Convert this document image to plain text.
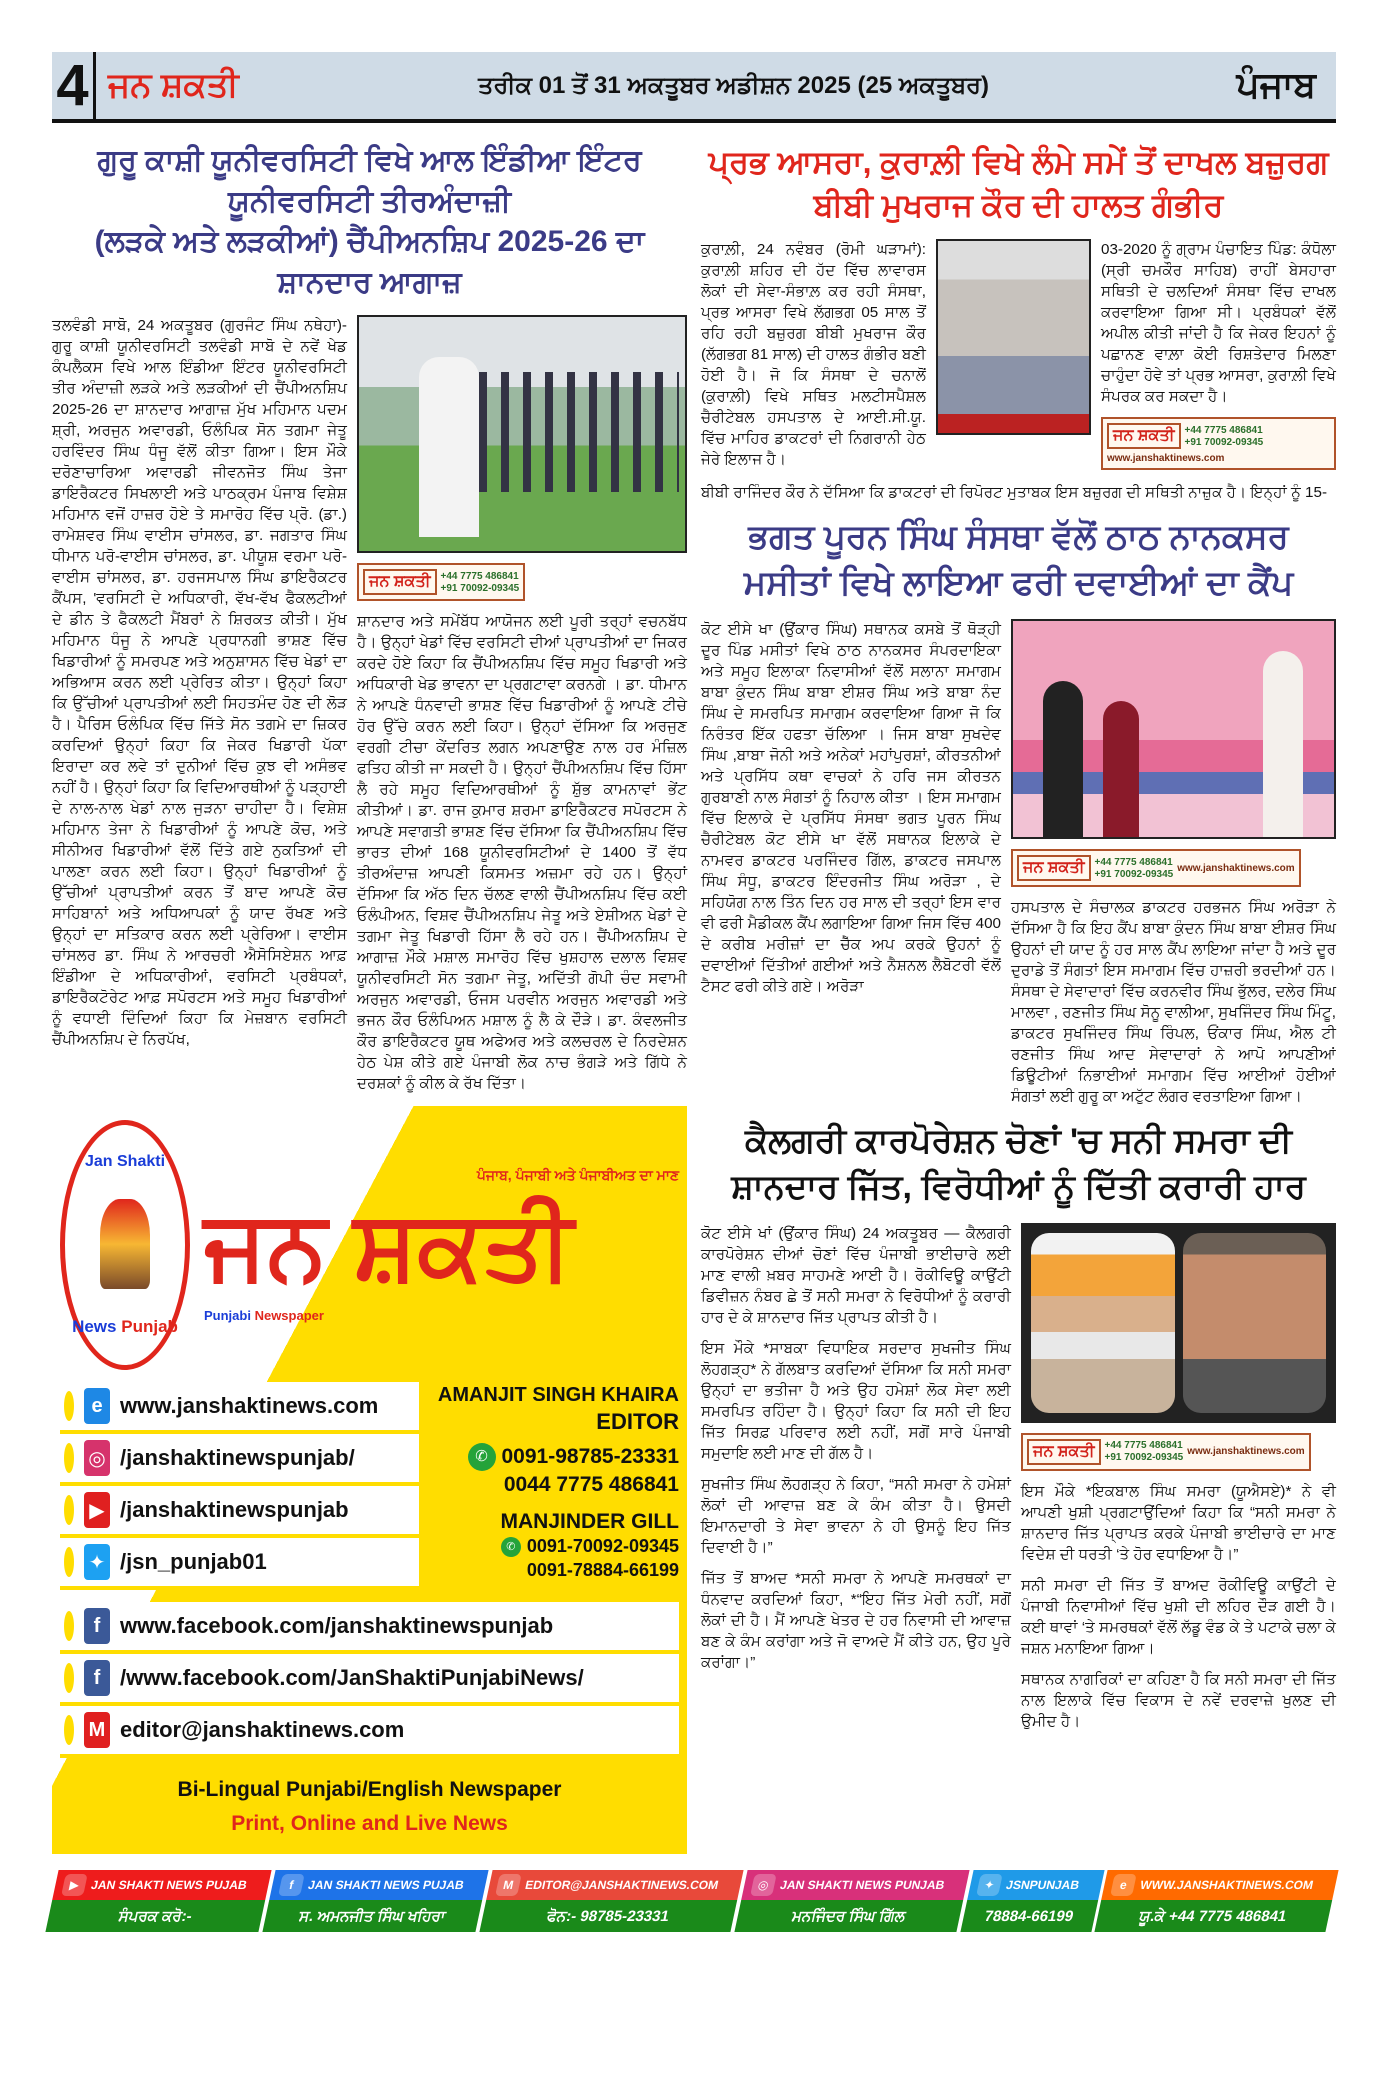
4 ਜਨ ਸ਼ਕਤੀ	ਤਰੀਕ 01 ਤੋਂ 31 ਅਕਤੂਬਰ ਅਡੀਸ਼ਨ 2025 (25 ਅਕਤੂਬਰ)	ਪੰਜਾਬ
ਗੁਰੂ ਕਾਸ਼ੀ ਯੂਨੀਵਰਸਿਟੀ ਵਿਖੇ ਆਲ ਇੰਡੀਆ ਇੰਟਰ ਯੂਨੀਵਰਸਿਟੀ ਤੀਰਅੰਦਾਜ਼ੀ
(ਲੜਕੇ ਅਤੇ ਲੜਕੀਆਂ) ਚੈਂਪੀਅਨਸ਼ਿਪ 2025-26 ਦਾ ਸ਼ਾਨਦਾਰ ਆਗਾਜ਼
ਤਲਵੰਡੀ ਸਾਬੋ, 24 ਅਕਤੂਬਰ (ਗੁਰਜੰਟ ਸਿੰਘ ਨਥੇਹਾ)- ਗੁਰੂ ਕਾਸ਼ੀ ਯੂਨੀਵਰਸਿਟੀ ਤਲਵੰਡੀ ਸਾਬੋ ਦੇ ਨਵੇਂ ਖੇਡ ਕੰਪਲੈਕਸ ਵਿਖੇ ਆਲ ਇੰਡੀਆ ਇੰਟਰ ਯੂਨੀਵਰਸਿਟੀ ਤੀਰ ਅੰਦਾਜ਼ੀ ਲੜਕੇ ਅਤੇ ਲੜਕੀਆਂ ਦੀ ਚੈਂਪੀਅਨਸ਼ਿਪ 2025-26 ਦਾ ਸ਼ਾਨਦਾਰ ਆਗਾਜ਼ ਮੁੱਖ ਮਹਿਮਾਨ ਪਦਮ ਸ਼੍ਰੀ, ਅਰਜੁਨ ਅਵਾਰਡੀ, ਓਲੰਪਿਕ ਸੋਨ ਤਗਮਾ ਜੇਤੂ ਹਰਵਿੰਦਰ ਸਿੰਘ ਧੰਜੂ ਵੱਲੋਂ ਕੀਤਾ ਗਿਆ। ਇਸ ਮੌਕੇ ਦਰੋਣਾਚਾਰਿਆ ਅਵਾਰਡੀ ਜੀਵਨਜੋਤ ਸਿੰਘ ਤੇਜਾ ਡਾਇਰੈਕਟਰ ਸਿਖਲਾਈ ਅਤੇ ਪਾਠਕ੍ਰਮ ਪੰਜਾਬ ਵਿਸ਼ੇਸ਼ ਮਹਿਮਾਨ ਵਜੋਂ ਹਾਜ਼ਰ ਹੋਏ ਤੇ ਸਮਾਰੋਹ ਵਿੱਚ ਪ੍ਰੋ. (ਡਾ.) ਰਾਮੇਸ਼ਵਰ ਸਿੰਘ ਵਾਈਸ ਚਾਂਸਲਰ, ਡਾ. ਜਗਤਾਰ ਸਿੰਘ ਧੀਮਾਨ ਪਰੋ-ਵਾਈਸ ਚਾਂਸਲਰ, ਡਾ. ਪੀਯੂਸ਼ ਵਰਮਾ ਪਰੋ-ਵਾਈਸ ਚਾਂਸਲਰ, ਡਾ. ਹਰਜਸਪਾਲ ਸਿੰਘ ਡਾਇਰੈਕਟਰ ਕੈਂਪਸ, 'ਵਰਸਿਟੀ ਦੇ ਅਧਿਕਾਰੀ, ਵੱਖ-ਵੱਖ ਫੈਕਲਟੀਆਂ ਦੇ ਡੀਨ ਤੇ ਫੈਕਲਟੀ ਮੈਂਬਰਾਂ ਨੇ ਸ਼ਿਰਕਤ ਕੀਤੀ। ਮੁੱਖ ਮਹਿਮਾਨ ਧੰਜੂ ਨੇ ਆਪਣੇ ਪ੍ਰਧਾਨਗੀ ਭਾਸ਼ਣ ਵਿੱਚ ਖਿਡਾਰੀਆਂ ਨੂੰ ਸਮਰਪਣ ਅਤੇ ਅਨੁਸ਼ਾਸਨ ਵਿੱਚ ਖੇਡਾਂ ਦਾ ਅਭਿਆਸ ਕਰਨ ਲਈ ਪ੍ਰੇਰਿਤ ਕੀਤਾ। ਉਨ੍ਹਾਂ ਕਿਹਾ ਕਿ ਉੱਚੀਆਂ ਪ੍ਰਾਪਤੀਆਂ ਲਈ ਸਿਹਤਮੰਦ ਹੋਣ ਦੀ ਲੋੜ ਹੈ। ਪੈਰਿਸ ਓਲੰਪਿਕ ਵਿੱਚ ਜਿੱਤੇ ਸੋਨ ਤਗਮੇ ਦਾ ਜ਼ਿਕਰ ਕਰਦਿਆਂ ਉਨ੍ਹਾਂ ਕਿਹਾ ਕਿ ਜੇਕਰ ਖਿਡਾਰੀ ਪੱਕਾ ਇਰਾਦਾ ਕਰ ਲਵੇ ਤਾਂ ਦੁਨੀਆਂ ਵਿੱਚ ਕੁਝ ਵੀ ਅਸੰਭਵ ਨਹੀਂ ਹੈ। ਉਨ੍ਹਾਂ ਕਿਹਾ ਕਿ ਵਿਦਿਆਰਥੀਆਂ ਨੂੰ ਪੜ੍ਹਾਈ ਦੇ ਨਾਲ-ਨਾਲ ਖੇਡਾਂ ਨਾਲ ਜੁੜਨਾ ਚਾਹੀਦਾ ਹੈ। ਵਿਸ਼ੇਸ਼ ਮਹਿਮਾਨ ਤੇਜਾ ਨੇ ਖਿਡਾਰੀਆਂ ਨੂੰ ਆਪਣੇ ਕੋਚ, ਅਤੇ ਸੀਨੀਅਰ ਖਿਡਾਰੀਆਂ ਵੱਲੋਂ ਦਿੱਤੇ ਗਏ ਨੁਕਤਿਆਂ ਦੀ ਪਾਲਣਾ ਕਰਨ ਲਈ ਕਿਹਾ। ਉਨ੍ਹਾਂ ਖਿਡਾਰੀਆਂ ਨੂੰ ਉੱਚੀਆਂ ਪ੍ਰਾਪਤੀਆਂ ਕਰਨ ਤੋਂ ਬਾਦ ਆਪਣੇ ਕੋਚ ਸਾਹਿਬਾਨਾਂ ਅਤੇ ਅਧਿਆਪਕਾਂ ਨੂੰ ਯਾਦ ਰੱਖਣ ਅਤੇ ਉਨ੍ਹਾਂ ਦਾ ਸਤਿਕਾਰ ਕਰਨ ਲਈ ਪ੍ਰੇਰਿਆ। ਵਾਈਸ ਚਾਂਸਲਰ ਡਾ. ਸਿੰਘ ਨੇ ਆਰਚਰੀ ਐਸੋਸਿਏਸ਼ਨ ਆਫ਼ ਇੰਡੀਆ ਦੇ ਅਧਿਕਾਰੀਆਂ, ਵਰਸਿਟੀ ਪ੍ਰਬੰਧਕਾਂ, ਡਾਇਰੈਕਟੋਰੇਟ ਆਫ਼ ਸਪੋਰਟਸ ਅਤੇ ਸਮੂਹ ਖਿਡਾਰੀਆਂ ਨੂੰ ਵਧਾਈ ਦਿੰਦਿਆਂ ਕਿਹਾ ਕਿ ਮੇਜ਼ਬਾਨ ਵਰਸਿਟੀ ਚੈਂਪੀਅਨਸ਼ਿਪ ਦੇ ਨਿਰਪੱਖ,
ਜਨ ਸ਼ਕਤੀ	+44 7775 486841
+91 70092-09345
ਸ਼ਾਨਦਾਰ ਅਤੇ ਸਮੇਂਬੱਧ ਆਯੋਜਨ ਲਈ ਪੂਰੀ ਤਰ੍ਹਾਂ ਵਚਨਬੱਧ ਹੈ। ਉਨ੍ਹਾਂ ਖੇਡਾਂ ਵਿੱਚ ਵਰਸਿਟੀ ਦੀਆਂ ਪ੍ਰਾਪਤੀਆਂ ਦਾ ਜਿਕਰ ਕਰਦੇ ਹੋਏ ਕਿਹਾ ਕਿ ਚੈਂਪੀਅਨਸ਼ਿਪ ਵਿੱਚ ਸਮੂਹ ਖਿਡਾਰੀ ਅਤੇ ਅਧਿਕਾਰੀ ਖੇਡ ਭਾਵਨਾ ਦਾ ਪ੍ਰਗਟਾਵਾ ਕਰਨਗੇ । ਡਾ. ਧੀਮਾਨ ਨੇ ਆਪਣੇ ਧੰਨਵਾਦੀ ਭਾਸ਼ਣ ਵਿੱਚ ਖਿਡਾਰੀਆਂ ਨੂੰ ਆਪਣੇ ਟੀਚੇ ਹੋਰ ਉੱਚੇ ਕਰਨ ਲਈ ਕਿਹਾ। ਉਨ੍ਹਾਂ ਦੱਸਿਆ ਕਿ ਅਰਜੁਣ ਵਰਗੀ ਟੀਚਾ ਕੇਂਦਰਿਤ ਲਗਨ ਅਪਣਾਉਣ ਨਾਲ ਹਰ ਮੰਜ਼ਿਲ ਫਤਿਹ ਕੀਤੀ ਜਾ ਸਕਦੀ ਹੈ। ਉਨ੍ਹਾਂ ਚੈਂਪੀਅਨਸ਼ਿਪ ਵਿੱਚ ਹਿੱਸਾ ਲੈ ਰਹੇ ਸਮੂਹ ਵਿਦਿਆਰਥੀਆਂ ਨੂੰ ਸ਼ੁੱਭ ਕਾਮਨਾਵਾਂ ਭੇਂਟ ਕੀਤੀਆਂ। ਡਾ. ਰਾਜ ਕੁਮਾਰ ਸ਼ਰਮਾ ਡਾਇਰੈਕਟਰ ਸਪੋਰਟਸ ਨੇ ਆਪਣੇ ਸਵਾਗਤੀ ਭਾਸ਼ਣ ਵਿੱਚ ਦੱਸਿਆ ਕਿ ਚੈਂਪੀਅਨਸ਼ਿਪ ਵਿੱਚ ਭਾਰਤ ਦੀਆਂ 168 ਯੂਨੀਵਰਸਿਟੀਆਂ ਦੇ 1400 ਤੋਂ ਵੱਧ ਤੀਰਅੰਦਾਜ਼ ਆਪਣੀ ਕਿਸਮਤ ਅਜ਼ਮਾ ਰਹੇ ਹਨ। ਉਨ੍ਹਾਂ ਦੱਸਿਆ ਕਿ ਅੱਠ ਦਿਨ ਚੱਲਣ ਵਾਲੀ ਚੈਂਪੀਅਨਸ਼ਿਪ ਵਿੱਚ ਕਈ ਓਲੰਪੀਅਨ, ਵਿਸ਼ਵ ਚੈਂਪੀਅਨਸ਼ਿਪ ਜੇਤੂ ਅਤੇ ਏਸ਼ੀਅਨ ਖੇਡਾਂ ਦੇ ਤਗਮਾ ਜੇਤੂ ਖਿਡਾਰੀ ਹਿੱਸਾ ਲੈ ਰਹੇ ਹਨ। ਚੈਂਪੀਅਨਸ਼ਿਪ ਦੇ ਆਗਾਜ਼ ਮੌਕੇ ਮਸ਼ਾਲ ਸਮਾਰੋਹ ਵਿੱਚ ਖੁਸ਼ਹਾਲ ਦਲਾਲ ਵਿਸ਼ਵ ਯੂਨੀਵਰਸਿਟੀ ਸੋਨ ਤਗਮਾ ਜੇਤੂ, ਅਦਿੱਤੀ ਗੋਪੀ ਚੰਦ ਸਵਾਮੀ ਅਰਜੁਨ ਅਵਾਰਡੀ, ਓਜਸ ਪਰਵੀਨ ਅਰਜੁਨ ਅਵਾਰਡੀ ਅਤੇ ਭਜਨ ਕੌਰ ਓਲੰਪਿਅਨ ਮਸ਼ਾਲ ਨੂੰ ਲੈ ਕੇ ਦੌੜੇ। ਡਾ. ਕੰਵਲਜੀਤ ਕੌਰ ਡਾਇਰੈਕਟਰ ਯੂਥ ਅਫੇਅਰ ਅਤੇ ਕਲਚਰਲ ਦੇ ਨਿਰਦੇਸ਼ਨ ਹੇਠ ਪੇਸ਼ ਕੀਤੇ ਗਏ ਪੰਜਾਬੀ ਲੋਕ ਨਾਚ ਭੰਗੜੇ ਅਤੇ ਗਿੱਧੇ ਨੇ ਦਰਸ਼ਕਾਂ ਨੂੰ ਕੀਲ ਕੇ ਰੱਖ ਦਿੱਤਾ।
Jan Shakti
News Punjab
ਪੰਜਾਬ, ਪੰਜਾਬੀ ਅਤੇ ਪੰਜਾਬੀਅਤ ਦਾ ਮਾਣ
ਜਨ ਸ਼ਕਤੀ
Punjabi Newspaper
e www.janshaktinews.com
◎ /janshaktinewspunjab/
▶ /janshaktinewspunjab
✦ /jsn_punjab01
AMANJIT SINGH KHAIRA
EDITOR
✆ 0091-98785-23331
0044 7775 486841
MANJINDER GILL
✆ 0091-70092-09345
0091-78884-66199
f www.facebook.com/janshaktinewspunjab
f /www.facebook.com/JanShaktiPunjabiNews/
M editor@janshaktinews.com
Bi-Lingual Punjabi/English Newspaper
Print, Online and Live News
ਪ੍ਰਭ ਆਸਰਾ, ਕੁਰਾਲ਼ੀ ਵਿਖੇ ਲੰਮੇ ਸਮੇਂ ਤੋਂ ਦਾਖਲ ਬਜ਼ੁਰਗ
ਬੀਬੀ ਮੁਖਰਾਜ ਕੌਰ ਦੀ ਹਾਲਤ ਗੰਭੀਰ
ਕੁਰਾਲ਼ੀ, 24 ਨਵੰਬਰ (ਰੋਮੀ ਘੜਾਮਾਂ): ਕੁਰਾਲ਼ੀ ਸ਼ਹਿਰ ਦੀ ਹੱਦ ਵਿੱਚ ਲਾਵਾਰਸ ਲੋਕਾਂ ਦੀ ਸੇਵਾ-ਸੰਭਾਲ਼ ਕਰ ਰਹੀ ਸੰਸਥਾ, ਪ੍ਰਭ ਆਸਰਾ ਵਿਖੇ ਲੱਗਭਗ 05 ਸਾਲ ਤੋਂ ਰਹਿ ਰਹੀ ਬਜ਼ੁਰਗ ਬੀਬੀ ਮੁਖਰਾਜ ਕੌਰ (ਲੱਗਭਗ 81 ਸਾਲ) ਦੀ ਹਾਲਤ ਗੰਭੀਰ ਬਣੀ ਹੋਈ ਹੈ। ਜੋ ਕਿ ਸੰਸਥਾ ਦੇ ਚਨਾਲੋਂ (ਕੁਰਾਲ਼ੀ) ਵਿਖੇ ਸਥਿਤ ਮਲਟੀਸਪੈਸ਼ਲ ਚੈਰੀਟੇਬਲ ਹਸਪਤਾਲ ਦੇ ਆਈ.ਸੀ.ਯੂ. ਵਿੱਚ ਮਾਹਿਰ ਡਾਕਟਰਾਂ ਦੀ ਨਿਗਰਾਨੀ ਹੇਠ ਜੇਰੇ ਇਲਾਜ ਹੈ।
03-2020 ਨੂੰ ਗ੍ਰਾਮ ਪੰਚਾਇਤ ਪਿੰਡ: ਕੰਧੋਲਾ (ਸ੍ਰੀ ਚਮਕੌਰ ਸਾਹਿਬ) ਰਾਹੀਂ ਬੇਸਹਾਰਾ ਸਥਿਤੀ ਦੇ ਚਲਦਿਆਂ ਸੰਸਥਾ ਵਿੱਚ ਦਾਖਲ ਕਰਵਾਇਆ ਗਿਆ ਸੀ। ਪ੍ਰਬੰਧਕਾਂ ਵੱਲੋਂ ਅਪੀਲ ਕੀਤੀ ਜਾਂਦੀ ਹੈ ਕਿ ਜੇਕਰ ਇਹਨਾਂ ਨੂੰ ਪਛਾਨਣ ਵਾਲ਼ਾ ਕੋਈ ਰਿਸ਼ਤੇਦਾਰ ਮਿਲਣਾ ਚਾਹੁੰਦਾ ਹੋਵੇ ਤਾਂ ਪ੍ਰਭ ਆਸਰਾ, ਕੁਰਾਲ਼ੀ ਵਿਖੇ ਸੰਪਰਕ ਕਰ ਸਕਦਾ ਹੈ।
ਜਨ ਸ਼ਕਤੀ	+44 7775 486841
+91 70092-09345
www.janshaktinews.com
ਬੀਬੀ ਰਾਜਿੰਦਰ ਕੌਰ ਨੇ ਦੱਸਿਆ ਕਿ ਡਾਕਟਰਾਂ ਦੀ ਰਿਪੋਰਟ ਮੁਤਾਬਕ ਇਸ ਬਜ਼ੁਰਗ ਦੀ ਸਥਿਤੀ ਨਾਜ਼ੁਕ ਹੈ। ਇਨ੍ਹਾਂ ਨੂੰ 15-
ਭਗਤ ਪੂਰਨ ਸਿੰਘ ਸੰਸਥਾ ਵੱਲੋਂ ਠਾਠ ਨਾਨਕਸਰ
ਮਸੀਤਾਂ ਵਿਖੇ ਲਾਇਆ ਫਰੀ ਦਵਾਈਆਂ ਦਾ ਕੈਂਪ
ਕੋਟ ਈਸੇ ਖਾ (ਉਂਕਾਰ ਸਿੰਘ) ਸਥਾਨਕ ਕਸਬੇ ਤੋਂ ਥੋੜ੍ਹੀ ਦੂਰ ਪਿੰਡ ਮਸੀਤਾਂ ਵਿਖੇ ਠਾਠ ਨਾਨਕਸਰ ਸੰਪਰਦਾਇਕਾ ਅਤੇ ਸਮੂਹ ਇਲਾਕਾ ਨਿਵਾਸੀਆਂ ਵੱਲੋਂ ਸਲਾਨਾ ਸਮਾਗਮ ਬਾਬਾ ਕੁੰਦਨ ਸਿੰਘ ਬਾਬਾ ਈਸ਼ਰ ਸਿੰਘ ਅਤੇ ਬਾਬਾ ਨੰਦ ਸਿੰਘ ਦੇ ਸਮਰਪਿਤ ਸਮਾਗਮ ਕਰਵਾਇਆ ਗਿਆ ਜੋ ਕਿ ਨਿਰੰਤਰ ਇੱਕ ਹਫਤਾ ਚੱਲਿਆ । ਜਿਸ ਬਾਬਾ ਸੁਖਦੇਵ ਸਿੰਘ ,ਬਾਬਾ ਜੋਨੀ ਅਤੇ ਅਨੇਕਾਂ ਮਹਾਂਪੁਰਸ਼ਾਂ, ਕੀਰਤਨੀਆਂ ਅਤੇ ਪ੍ਰਸਿੱਧ ਕਥਾ ਵਾਚਕਾਂ ਨੇ ਹਰਿ ਜਸ ਕੀਰਤਨ ਗੁਰਬਾਣੀ ਨਾਲ ਸੰਗਤਾਂ ਨੂੰ ਨਿਹਾਲ ਕੀਤਾ । ਇਸ ਸਮਾਗਮ ਵਿੱਚ ਇਲਾਕੇ ਦੇ ਪ੍ਰਸਿੱਧ ਸੰਸਥਾ ਭਗਤ ਪੂਰਨ ਸਿੰਘ ਚੈਰੀਟੇਬਲ ਕੋਟ ਈਸੇ ਖਾ ਵੱਲੋਂ ਸਥਾਨਕ ਇਲਾਕੇ ਦੇ ਨਾਮਵਰ ਡਾਕਟਰ ਪਰਜਿੰਦਰ ਗਿੱਲ, ਡਾਕਟਰ ਜਸਪਾਲ ਸਿੰਘ ਸੰਧੂ, ਡਾਕਟਰ ਇੰਦਰਜੀਤ ਸਿੰਘ ਅਰੋੜਾ , ਦੇ ਸਹਿਯੋਗ ਨਾਲ ਤਿੰਨ ਦਿਨ ਹਰ ਸਾਲ ਦੀ ਤਰ੍ਹਾਂ ਇਸ ਵਾਰ ਵੀ ਫਰੀ ਮੈਡੀਕਲ ਕੈਂਪ ਲਗਾਇਆ ਗਿਆ ਜਿਸ ਵਿੱਚ 400 ਦੇ ਕਰੀਬ ਮਰੀਜ਼ਾਂ ਦਾ ਚੈੱਕ ਅਪ ਕਰਕੇ ਉਹਨਾਂ ਨੂੰ ਦਵਾਈਆਂ ਦਿੱਤੀਆਂ ਗਈਆਂ ਅਤੇ ਨੈਸ਼ਨਲ ਲੈਬੋਟਰੀ ਵੱਲੋਂ ਟੈਸਟ ਫਰੀ ਕੀਤੇ ਗਏ। ਅਰੋੜਾ
ਜਨ ਸ਼ਕਤੀ	+44 7775 486841
+91 70092-09345
www.janshaktinews.com
ਹਸਪਤਾਲ ਦੇ ਸੰਚਾਲਕ ਡਾਕਟਰ ਹਰਭਜਨ ਸਿੰਘ ਅਰੋੜਾ ਨੇ ਦੱਸਿਆ ਹੈ ਕਿ ਇਹ ਕੈਂਪ ਬਾਬਾ ਕੁੰਦਨ ਸਿੰਘ ਬਾਬਾ ਈਸ਼ਰ ਸਿੰਘ ਉਹਨਾਂ ਦੀ ਯਾਦ ਨੂੰ ਹਰ ਸਾਲ ਕੈਂਪ ਲਾਇਆ ਜਾਂਦਾ ਹੈ ਅਤੇ ਦੂਰ ਦੁਰਾਡੇ ਤੋਂ ਸੰਗਤਾਂ ਇਸ ਸਮਾਗਮ ਵਿੱਚ ਹਾਜ਼ਰੀ ਭਰਦੀਆਂ ਹਨ। ਸੰਸਥਾ ਦੇ ਸੇਵਾਦਾਰਾਂ ਵਿੱਚ ਕਰਨਵੀਰ ਸਿੰਘ ਭੁੱਲਰ, ਦਲੇਰ ਸਿੰਘ ਮਾਲਵਾ , ਰਣਜੀਤ ਸਿੰਘ ਸੋਨੂ ਵਾਲੀਆ, ਸੁਖਜਿੰਦਰ ਸਿੰਘ ਮਿੰਟੂ, ਡਾਕਟਰ ਸੁਖਜਿੰਦਰ ਸਿੰਘ ਰਿੰਪਲ, ਓਂਕਾਰ ਸਿੰਘ, ਐਲ ਟੀ ਰਣਜੀਤ ਸਿੰਘ ਆਦ ਸੇਵਾਦਾਰਾਂ ਨੇ ਆਪੋ ਆਪਣੀਆਂ ਡਿਊਟੀਆਂ ਨਿਭਾਈਆਂ ਸਮਾਗਮ ਵਿੱਚ ਆਈਆਂ ਹੋਈਆਂ ਸੰਗਤਾਂ ਲਈ ਗੁਰੂ ਕਾ ਅਟੁੱਟ ਲੰਗਰ ਵਰਤਾਇਆ ਗਿਆ।
ਕੈਲਗਰੀ ਕਾਰਪੋਰੇਸ਼ਨ ਚੋਣਾਂ 'ਚ ਸਨੀ ਸਮਰਾ ਦੀ
ਸ਼ਾਨਦਾਰ ਜਿੱਤ, ਵਿਰੋਧੀਆਂ ਨੂੰ ਦਿੱਤੀ ਕਰਾਰੀ ਹਾਰ
ਕੋਟ ਈਸੇ ਖਾਂ (ਉਂਕਾਰ ਸਿੰਘ) 24 ਅਕਤੂਬਰ — ਕੈਲਗਰੀ ਕਾਰਪੋਰੇਸ਼ਨ ਦੀਆਂ ਚੋਣਾਂ ਵਿੱਚ ਪੰਜਾਬੀ ਭਾਈਚਾਰੇ ਲਈ ਮਾਣ ਵਾਲੀ ਖ਼ਬਰ ਸਾਹਮਣੇ ਆਈ ਹੈ। ਰੋਕੀਵਿਊ ਕਾਉਂਟੀ ਡਿਵੀਜ਼ਨ ਨੰਬਰ ਛੇ ਤੋਂ ਸਨੀ ਸਮਰਾ ਨੇ ਵਿਰੋਧੀਆਂ ਨੂੰ ਕਰਾਰੀ ਹਾਰ ਦੇ ਕੇ ਸ਼ਾਨਦਾਰ ਜਿੱਤ ਪ੍ਰਾਪਤ ਕੀਤੀ ਹੈ।
ਇਸ ਮੌਕੇ *ਸਾਬਕਾ ਵਿਧਾਇਕ ਸਰਦਾਰ ਸੁਖਜੀਤ ਸਿੰਘ ਲੋਹਗੜ੍ਹ* ਨੇ ਗੱਲਬਾਤ ਕਰਦਿਆਂ ਦੱਸਿਆ ਕਿ ਸਨੀ ਸਮਰਾ ਉਨ੍ਹਾਂ ਦਾ ਭਤੀਜਾ ਹੈ ਅਤੇ ਉਹ ਹਮੇਸ਼ਾਂ ਲੋਕ ਸੇਵਾ ਲਈ ਸਮਰਪਿਤ ਰਹਿੰਦਾ ਹੈ। ਉਨ੍ਹਾਂ ਕਿਹਾ ਕਿ ਸਨੀ ਦੀ ਇਹ ਜਿੱਤ ਸਿਰਫ਼ ਪਰਿਵਾਰ ਲਈ ਨਹੀਂ, ਸਗੋਂ ਸਾਰੇ ਪੰਜਾਬੀ ਸਮੁਦਾਇ ਲਈ ਮਾਣ ਦੀ ਗੱਲ ਹੈ।
ਸੁਖਜੀਤ ਸਿੰਘ ਲੋਹਗੜ੍ਹ ਨੇ ਕਿਹਾ, “ਸਨੀ ਸਮਰਾ ਨੇ ਹਮੇਸ਼ਾਂ ਲੋਕਾਂ ਦੀ ਆਵਾਜ਼ ਬਣ ਕੇ ਕੰਮ ਕੀਤਾ ਹੈ। ਉਸਦੀ ਇਮਾਨਦਾਰੀ ਤੇ ਸੇਵਾ ਭਾਵਨਾ ਨੇ ਹੀ ਉਸਨੂੰ ਇਹ ਜਿੱਤ ਦਿਵਾਈ ਹੈ।”
ਜਿੱਤ ਤੋਂ ਬਾਅਦ *ਸਨੀ ਸਮਰਾ ਨੇ ਆਪਣੇ ਸਮਰਥਕਾਂ ਦਾ ਧੰਨਵਾਦ ਕਰਦਿਆਂ ਕਿਹਾ, *“ਇਹ ਜਿੱਤ ਮੇਰੀ ਨਹੀਂ, ਸਗੋਂ ਲੋਕਾਂ ਦੀ ਹੈ। ਮੈਂ ਆਪਣੇ ਖੇਤਰ ਦੇ ਹਰ ਨਿਵਾਸੀ ਦੀ ਆਵਾਜ਼ ਬਣ ਕੇ ਕੰਮ ਕਰਾਂਗਾ ਅਤੇ ਜੋ ਵਾਅਦੇ ਮੈਂ ਕੀਤੇ ਹਨ, ਉਹ ਪੂਰੇ ਕਰਾਂਗਾ।”
ਜਨ ਸ਼ਕਤੀ	+44 7775 486841
+91 70092-09345
www.janshaktinews.com
ਇਸ ਮੌਕੇ *ਇਕਬਾਲ ਸਿੰਘ ਸਮਰਾ (ਯੂਐਸਏ)* ਨੇ ਵੀ ਆਪਣੀ ਖੁਸ਼ੀ ਪ੍ਰਗਟਾਉਂਦਿਆਂ ਕਿਹਾ ਕਿ “ਸਨੀ ਸਮਰਾ ਨੇ ਸ਼ਾਨਦਾਰ ਜਿੱਤ ਪ੍ਰਾਪਤ ਕਰਕੇ ਪੰਜਾਬੀ ਭਾਈਚਾਰੇ ਦਾ ਮਾਣ ਵਿਦੇਸ਼ ਦੀ ਧਰਤੀ ‘ਤੇ ਹੋਰ ਵਧਾਇਆ ਹੈ।”
ਸਨੀ ਸਮਰਾ ਦੀ ਜਿੱਤ ਤੋਂ ਬਾਅਦ ਰੋਕੀਵਿਊ ਕਾਉਂਟੀ ਦੇ ਪੰਜਾਬੀ ਨਿਵਾਸੀਆਂ ਵਿੱਚ ਖੁਸ਼ੀ ਦੀ ਲਹਿਰ ਦੌੜ ਗਈ ਹੈ। ਕਈ ਥਾਵਾਂ ‘ਤੇ ਸਮਰਥਕਾਂ ਵੱਲੋਂ ਲੱਡੂ ਵੰਡ ਕੇ ਤੇ ਪਟਾਕੇ ਚਲਾ ਕੇ ਜਸ਼ਨ ਮਨਾਇਆ ਗਿਆ।
ਸਥਾਨਕ ਨਾਗਰਿਕਾਂ ਦਾ ਕਹਿਣਾ ਹੈ ਕਿ ਸਨੀ ਸਮਰਾ ਦੀ ਜਿੱਤ ਨਾਲ ਇਲਾਕੇ ਵਿੱਚ ਵਿਕਾਸ ਦੇ ਨਵੇਂ ਦਰਵਾਜ਼ੇ ਖੁਲਣ ਦੀ ਉਮੀਦ ਹੈ।
▶ JAN SHAKTI NEWS PUJAB
ਸੰਪਰਕ ਕਰੋ:-
f	JAN SHAKTI NEWS PUJAB
ਸ. ਅਮਨਜੀਤ ਸਿੰਘ ਖਹਿਰਾ
M EDITOR@JANSHAKTINEWS.COM
ਫੋਨ:- 98785-23331
◎ JAN SHAKTI NEWS PUNJAB
ਮਨਜਿੰਦਰ ਸਿੰਘ ਗਿੱਲ
✦ JSNPUNJAB
78884-66199
e WWW.JANSHAKTINEWS.COM
ਯੂ.ਕੇ +44 7775 486841
